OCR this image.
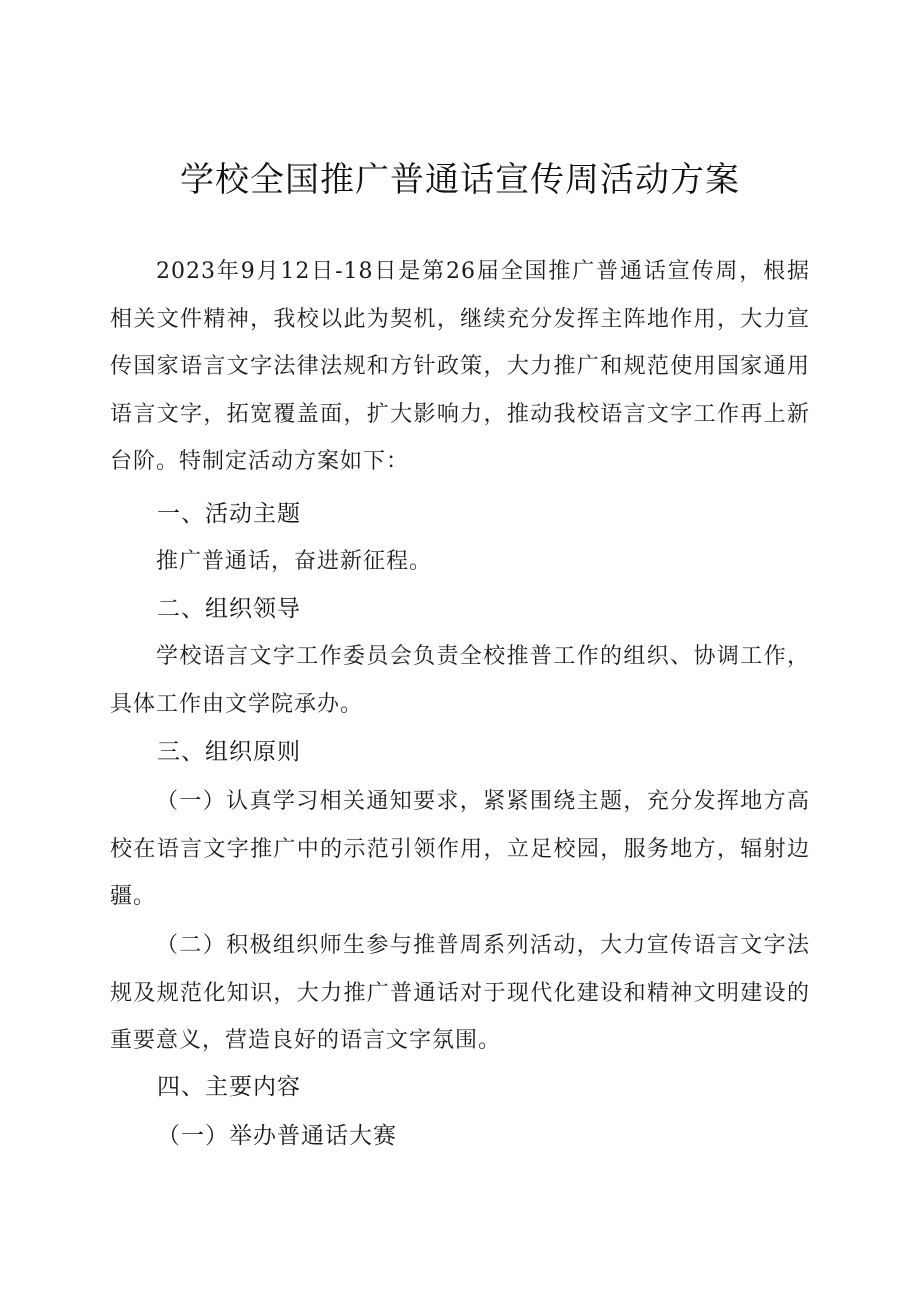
学校全国推广普通话宣传周活动方案
2023年9月12日-18日是第26届全国推广普通话宣传周，根据相关文件精神，我校以此为契机，继续充分发挥主阵地作用，大力宣传国家语言文字法律法规和方针政策，大力推广和规范使用国家通用语言文字，拓宽覆盖面，扩大影响力，推动我校语言文字工作再上新台阶。特制定活动方案如下：
一、活动主题
推广普通话，奋进新征程。
二、组织领导
学校语言文字工作委员会负责全校推普工作的组织、协调工作，具体工作由文学院承办。
三、组织原则
（一）认真学习相关通知要求，紧紧围绕主题，充分发挥地方高校在语言文字推广中的示范引领作用，立足校园，服务地方，辐射边疆。
（二）积极组织师生参与推普周系列活动，大力宣传语言文字法规及规范化知识，大力推广普通话对于现代化建设和精神文明建设的重要意义，营造良好的语言文字氛围。
四、主要内容
（一）举办普通话大赛
